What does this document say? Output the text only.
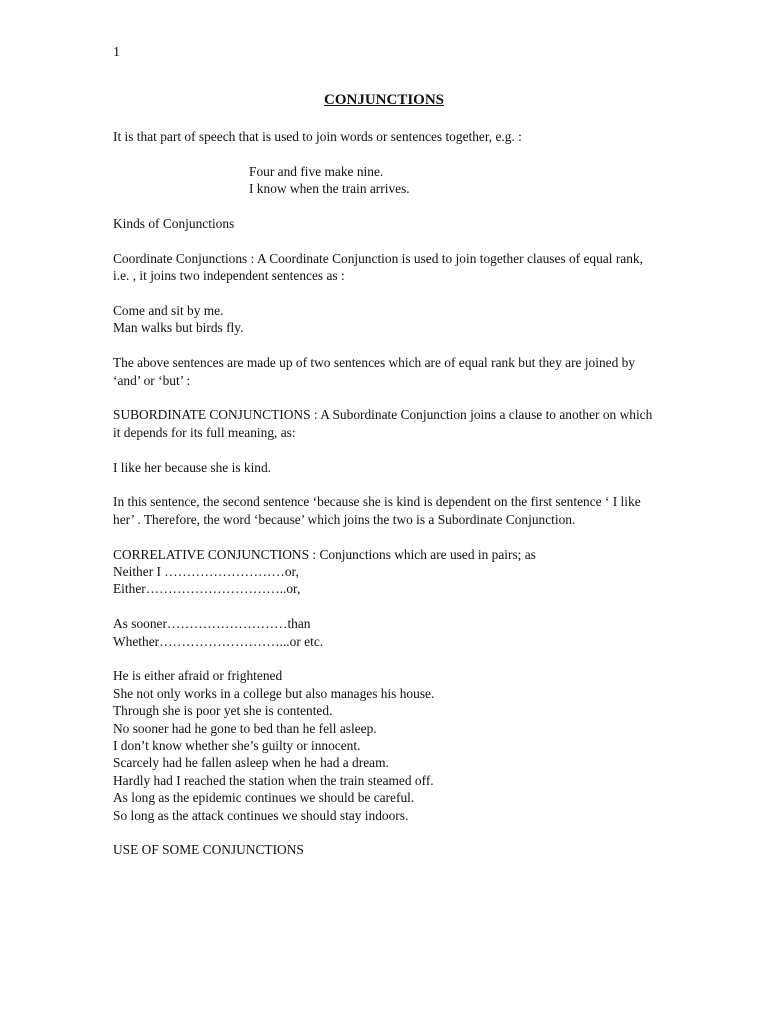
1
CONJUNCTIONS

It is that part of speech that is used to join words or sentences together, e.g. :

Four and five make nine.

I know when the train arrives.

Kinds of Conjunctions

Coordinate Conjunctions : A Coordinate Conjunction is used to join together clauses of equal rank, i.e. , it joins two independent sentences as :

Come and sit by me.

Man walks but birds fly.

The above sentences are made up of two sentences which are of equal rank but they are joined by ‘and’ or ‘but’ :

SUBORDINATE CONJUNCTIONS : A Subordinate Conjunction joins a clause to another on which it depends for its full meaning, as:

I like her because she is kind.

In this sentence, the second sentence ‘because she is kind is dependent on the first sentence ‘ I like her’ . Therefore, the word ‘because’ which joins the two is a Subordinate Conjunction.

CORRELATIVE CONJUNCTIONS : Conjunctions which are used in pairs; as

Neither I ………………………or,

Either…………………………..or,

As sooner………………………than

Whether………………………...or etc.

He is either afraid or frightened

She not only works in a college but also manages his house.

Through she is poor yet she is contented.

No sooner had he gone to bed than he fell asleep.

I don’t know whether she’s guilty or innocent.

Scarcely had he fallen asleep when he had a dream.

Hardly had I reached the station when the train steamed off.

As long as the epidemic continues we should be careful.

So long as the attack continues we should stay indoors.

USE OF SOME CONJUNCTIONS
